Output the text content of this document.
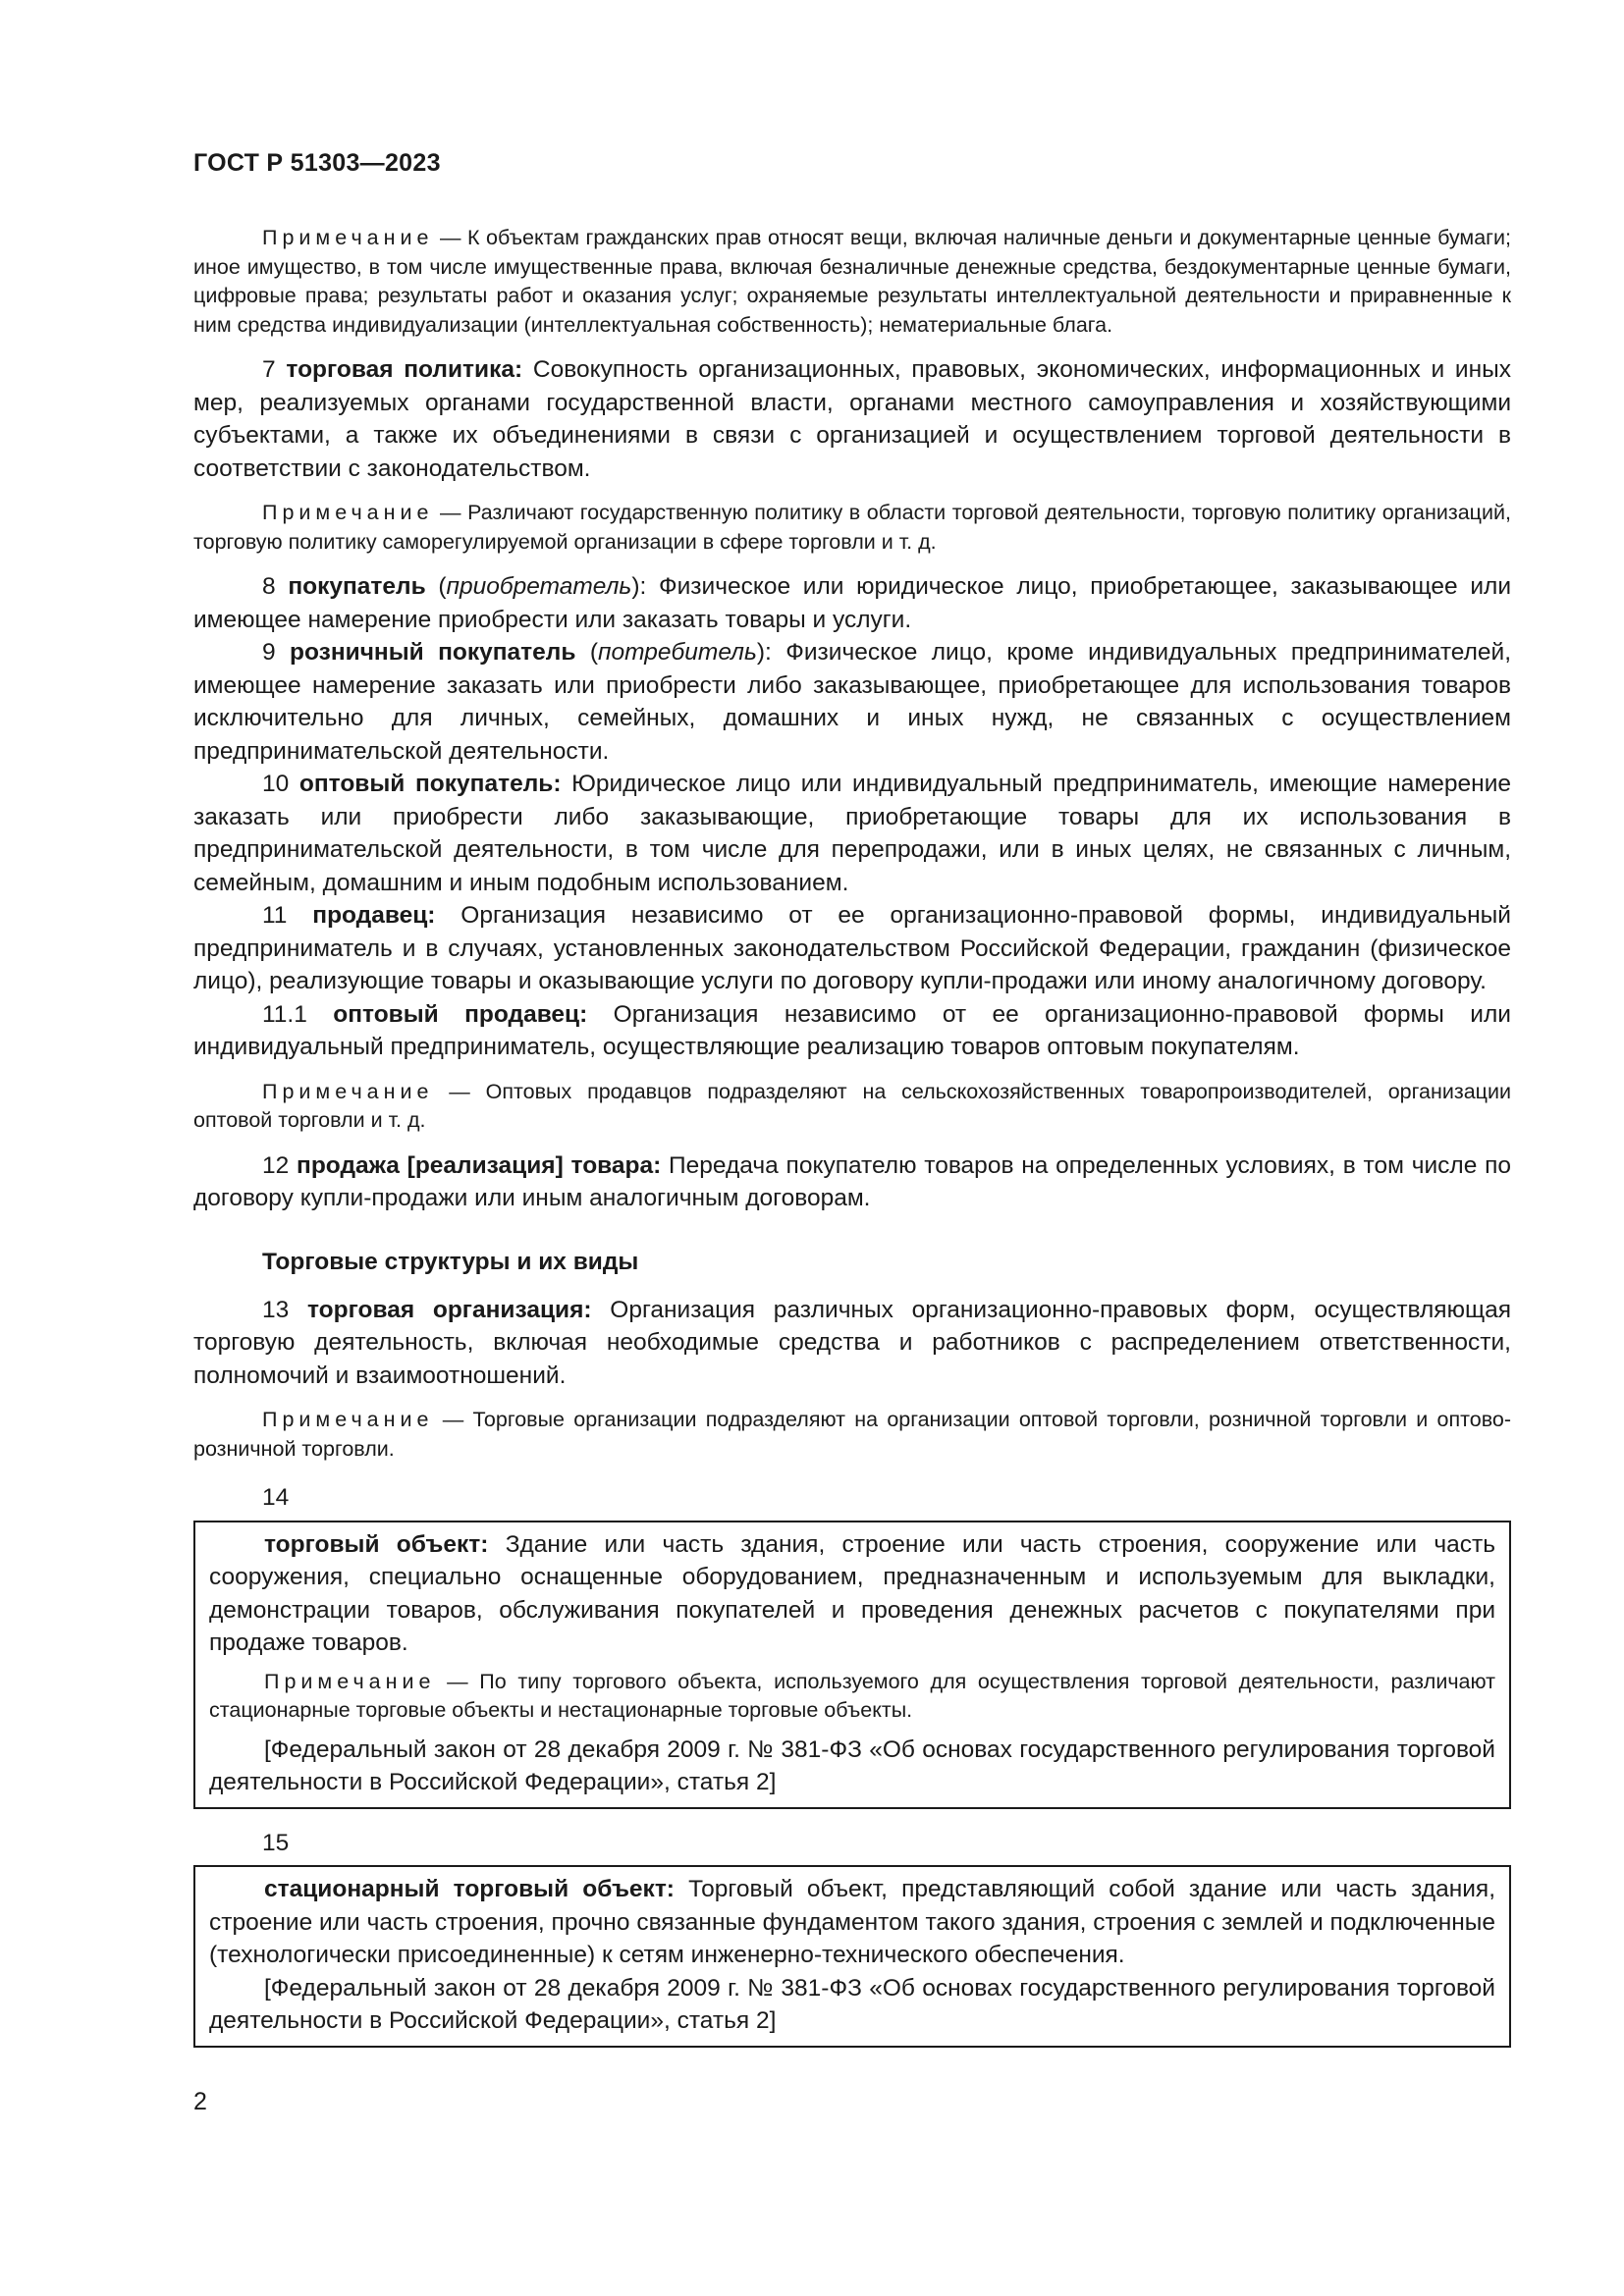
ГОСТ Р 51303—2023

Примечание — К объектам гражданских прав относят вещи, включая наличные деньги и документарные ценные бумаги; иное имущество, в том числе имущественные права, включая безналичные денежные средства, бездокументарные ценные бумаги, цифровые права; результаты работ и оказания услуг; охраняемые результаты интеллектуальной деятельности и приравненные к ним средства индивидуализации (интеллектуальная собственность); нематериальные блага.

7 торговая политика: Совокупность организационных, правовых, экономических, информационных и иных мер, реализуемых органами государственной власти, органами местного самоуправления и хозяйствующими субъектами, а также их объединениями в связи с организацией и осуществлением торговой деятельности в соответствии с законодательством.

Примечание — Различают государственную политику в области торговой деятельности, торговую политику организаций, торговую политику саморегулируемой организации в сфере торговли и т. д.

8 покупатель (приобретатель): Физическое или юридическое лицо, приобретающее, заказывающее или имеющее намерение приобрести или заказать товары и услуги.

9 розничный покупатель (потребитель): Физическое лицо, кроме индивидуальных предпринимателей, имеющее намерение заказать или приобрести либо заказывающее, приобретающее для использования товаров исключительно для личных, семейных, домашних и иных нужд, не связанных с осуществлением предпринимательской деятельности.

10 оптовый покупатель: Юридическое лицо или индивидуальный предприниматель, имеющие намерение заказать или приобрести либо заказывающие, приобретающие товары для их использования в предпринимательской деятельности, в том числе для перепродажи, или в иных целях, не связанных с личным, семейным, домашним и иным подобным использованием.

11 продавец: Организация независимо от ее организационно-правовой формы, индивидуальный предприниматель и в случаях, установленных законодательством Российской Федерации, гражданин (физическое лицо), реализующие товары и оказывающие услуги по договору купли-продажи или иному аналогичному договору.

11.1 оптовый продавец: Организация независимо от ее организационно-правовой формы или индивидуальный предприниматель, осуществляющие реализацию товаров оптовым покупателям.

Примечание — Оптовых продавцов подразделяют на сельскохозяйственных товаропроизводителей, организации оптовой торговли и т. д.

12 продажа [реализация] товара: Передача покупателю товаров на определенных условиях, в том числе по договору купли-продажи или иным аналогичным договорам.

Торговые структуры и их виды

13 торговая организация: Организация различных организационно-правовых форм, осуществляющая торговую деятельность, включая необходимые средства и работников с распределением ответственности, полномочий и взаимоотношений.

Примечание — Торговые организации подразделяют на организации оптовой торговли, розничной торговли и оптово-розничной торговли.

14

торговый объект: Здание или часть здания, строение или часть строения, сооружение или часть сооружения, специально оснащенные оборудованием, предназначенным и используемым для выкладки, демонстрации товаров, обслуживания покупателей и проведения денежных расчетов с покупателями при продаже товаров.

Примечание — По типу торгового объекта, используемого для осуществления торговой деятельности, различают стационарные торговые объекты и нестационарные торговые объекты.

[Федеральный закон от 28 декабря 2009 г. № 381-ФЗ «Об основах государственного регулирования торговой деятельности в Российской Федерации», статья 2]

15

стационарный торговый объект: Торговый объект, представляющий собой здание или часть здания, строение или часть строения, прочно связанные фундаментом такого здания, строения с землей и подключенные (технологически присоединенные) к сетям инженерно-технического обеспечения.

[Федеральный закон от 28 декабря 2009 г. № 381-ФЗ «Об основах государственного регулирования торговой деятельности в Российской Федерации», статья 2]

2
